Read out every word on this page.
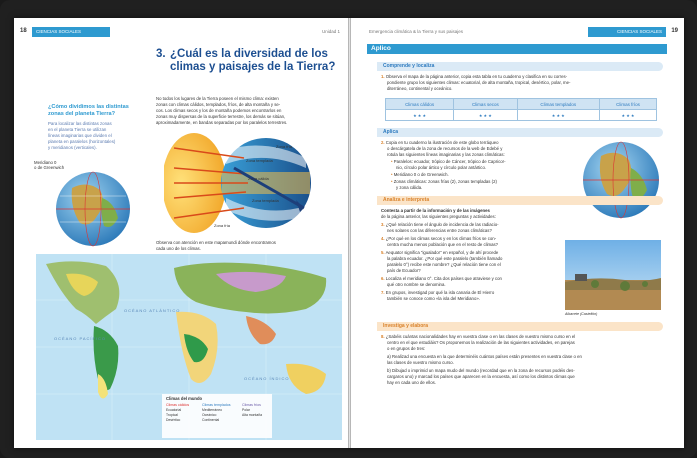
18	CIENCIAS SOCIALES	Unidad 1

3. ¿Cuál es la diversidad de los

climas y paisajes de la Tierra?

¿Cómo dividimos las distintas

zonas del planeta Tierra?

Para localizar las distintas zonas

en el planeta Tierra se utilizan

líneas imaginarias que dividen el

planeta en paralelos (horizontales)

y meridianos (verticales).

Meridiano 0

o de Greenwich

No todos los lugares de la Tierra poseen el mismo clima: existen

zonas con climas cálidos, templados, fríos, de alta montaña y se-

cos. Los climas secos y los de montaña podemos encontrarlos en

zonas muy dispersas de la superficie terrestre, los demás se sitúan,

aproximadamente, en bandas separadas por los paralelos terrestres.

Zona fría

Zona templada

Zona cálida

Zona templada

Zona fría

Observa con atención en este mapamundi dónde encontramos

cada uno de los climas.

OCÉANO PACÍFICO

OCÉANO ATLÁNTICO

OCÉANO ÍNDICO

Climas del mundo

Climas cálidos

Ecuatorial

Tropical

Desértico

Climas templados

Mediterráneo

Oceánico

Continental

Climas fríos

Polar

Alta montaña

Emergencia climática & la Tierra y sus paisajes	CIENCIAS SOCIALES	19
Aplico
Comprende y localiza

1. Observa el mapa de la página anterior, copia esta tabla en tu cuaderno y clasifica en su corres-

pondiente grupo los siguientes climas: ecuatorial, de alta montaña, tropical, desértico, polar, me-

diterráneo, continental y oceánico.

Climas cálidos	Climas secos	Climas templados	Climas fríos
★ ★ ★	★ ★ ★	★ ★ ★	★ ★ ★
Aplica

2. Copia en tu cuaderno la ilustración de este globo terráqueo

o descárgatela de la zona de recursos de la web de Edebé y

rotula las siguientes líneas imaginarias y las zonas climáticas:

• Paralelos: ecuador, trópico de Cáncer, trópico de Capricor-

nio, círculo polar ártico y círculo polar antártico.

• Meridiano 0 o de Greenwich.

• Zonas climáticas: zonas frías (2), zonas templadas (2)

y zona cálida.

Analiza e interpreta

Contesta a partir de la información y de las imágenes

de la página anterior, las siguientes preguntas y actividades:

3. ¿Qué relación tiene el ángulo de incidencia de las radiacio-

nes solares con las diferencias entre zonas climáticas?

4. ¿Por qué en los climas secos y en los climas fríos se con-

centra mucha menos población que en el resto de climas?

5. Aequator significa "igualador" en español, y de ahí procede

la palabra ecuador. ¿Por qué este paralelo (también llamado

paralelo 0°) recibe este nombre? ¿Qué relación tiene con el

país de Ecuador?

6. Localiza el meridiano 0°. Cita dos países que atraviese y con

qué otro nombre se denomina.

7. En grupos, investigad por qué la isla canaria de El Hierro

también se conoce como «la isla del Meridiano».

Albacete (Castellón)

Investiga y elabora

8. ¿Sabéis cuántas nacionalidades hay en vuestra clase o en las clases de vuestro mismo curso en el

centro en el que estudiáis? Os proponemos la realización de las siguientes actividades, en parejas

o en grupos de tres:

a) Realizad una encuesta en la que determinéis cuántos países están presentes en vuestra clase o en

las clases de vuestro mismo curso.

b) Dibujad o imprimid un mapa mudo del mundo (recordad que en la zona de recursos podéis des-

cargaros uno) y marcad los países que aparecen en la encuesta, así como los distintos climas que

hay en cada uno de ellos.
